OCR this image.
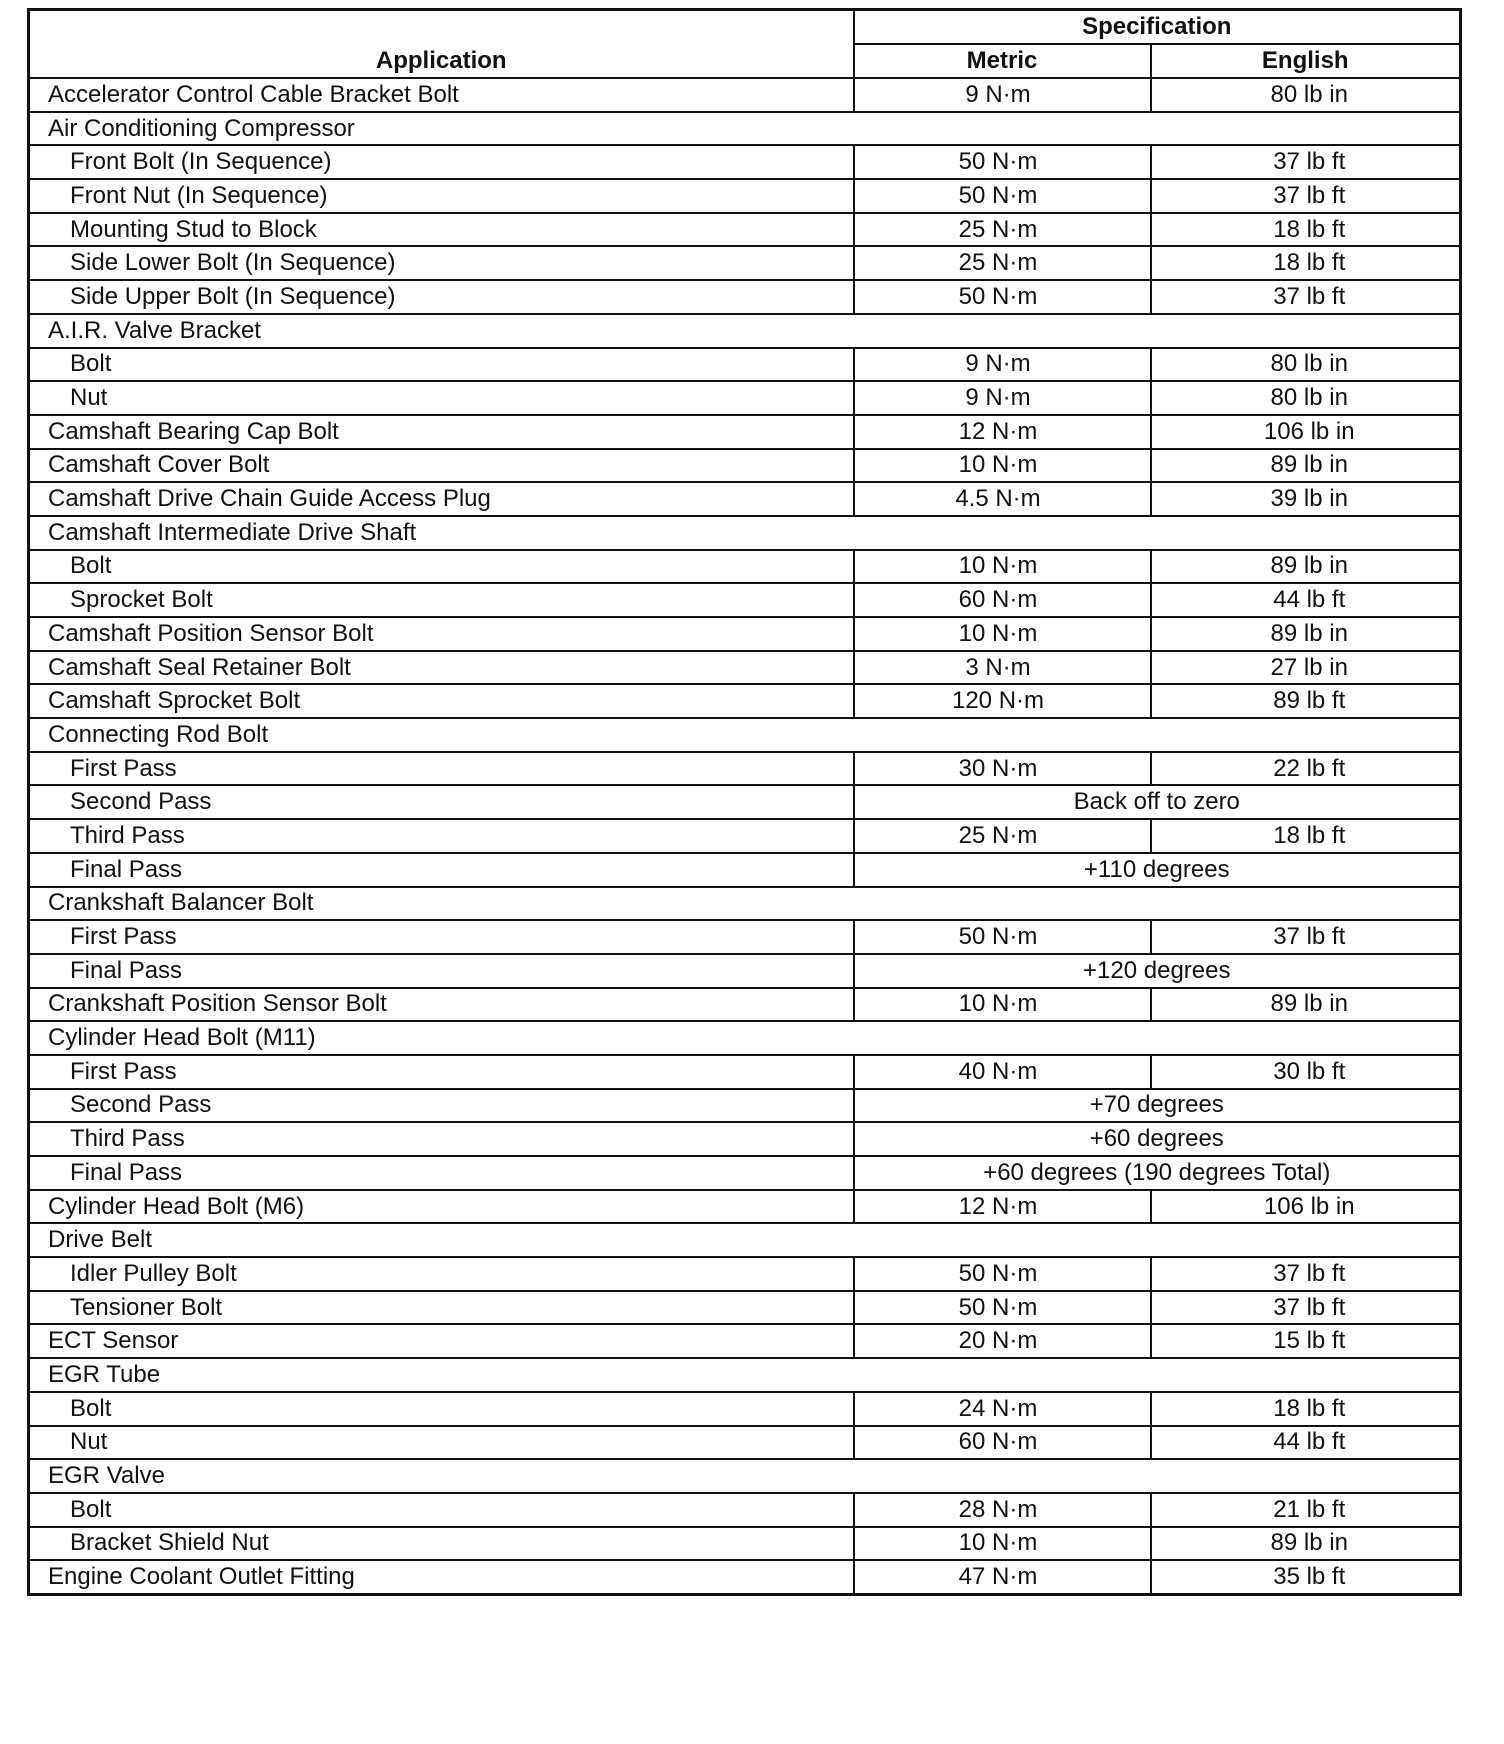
Application	Specification	
	Metric	English
Accelerator Control Cable Bracket Bolt	9 N·m	80 lb in
Air Conditioning Compressor		
Front Bolt (In Sequence)	50 N·m	37 lb ft
Front Nut (In Sequence)	50 N·m	37 lb ft
Mounting Stud to Block	25 N·m	18 lb ft
Side Lower Bolt (In Sequence)	25 N·m	18 lb ft
Side Upper Bolt (In Sequence)	50 N·m	37 lb ft
A.I.R. Valve Bracket		
Bolt	9 N·m	80 lb in
Nut	9 N·m	80 lb in
Camshaft Bearing Cap Bolt	12 N·m	106 lb in
Camshaft Cover Bolt	10 N·m	89 lb in
Camshaft Drive Chain Guide Access Plug	4.5 N·m	39 lb in
Camshaft Intermediate Drive Shaft		
Bolt	10 N·m	89 lb in
Sprocket Bolt	60 N·m	44 lb ft
Camshaft Position Sensor Bolt	10 N·m	89 lb in
Camshaft Seal Retainer Bolt	3 N·m	27 lb in
Camshaft Sprocket Bolt	120 N·m	89 lb ft
Connecting Rod Bolt		
First Pass	30 N·m	22 lb ft
Second Pass	Back off to zero	
Third Pass	25 N·m	18 lb ft
Final Pass	+110 degrees	
Crankshaft Balancer Bolt		
First Pass	50 N·m	37 lb ft
Final Pass	+120 degrees	
Crankshaft Position Sensor Bolt	10 N·m	89 lb in
Cylinder Head Bolt (M11)		
First Pass	40 N·m	30 lb ft
Second Pass	+70 degrees	
Third Pass	+60 degrees	
Final Pass	+60 degrees (190 degrees Total)	
Cylinder Head Bolt (M6)	12 N·m	106 lb in
Drive Belt		
Idler Pulley Bolt	50 N·m	37 lb ft
Tensioner Bolt	50 N·m	37 lb ft
ECT Sensor	20 N·m	15 lb ft
EGR Tube		
Bolt	24 N·m	18 lb ft
Nut	60 N·m	44 lb ft
EGR Valve		
Bolt	28 N·m	21 lb ft
Bracket Shield Nut	10 N·m	89 lb in
Engine Coolant Outlet Fitting	47 N·m	35 lb ft
